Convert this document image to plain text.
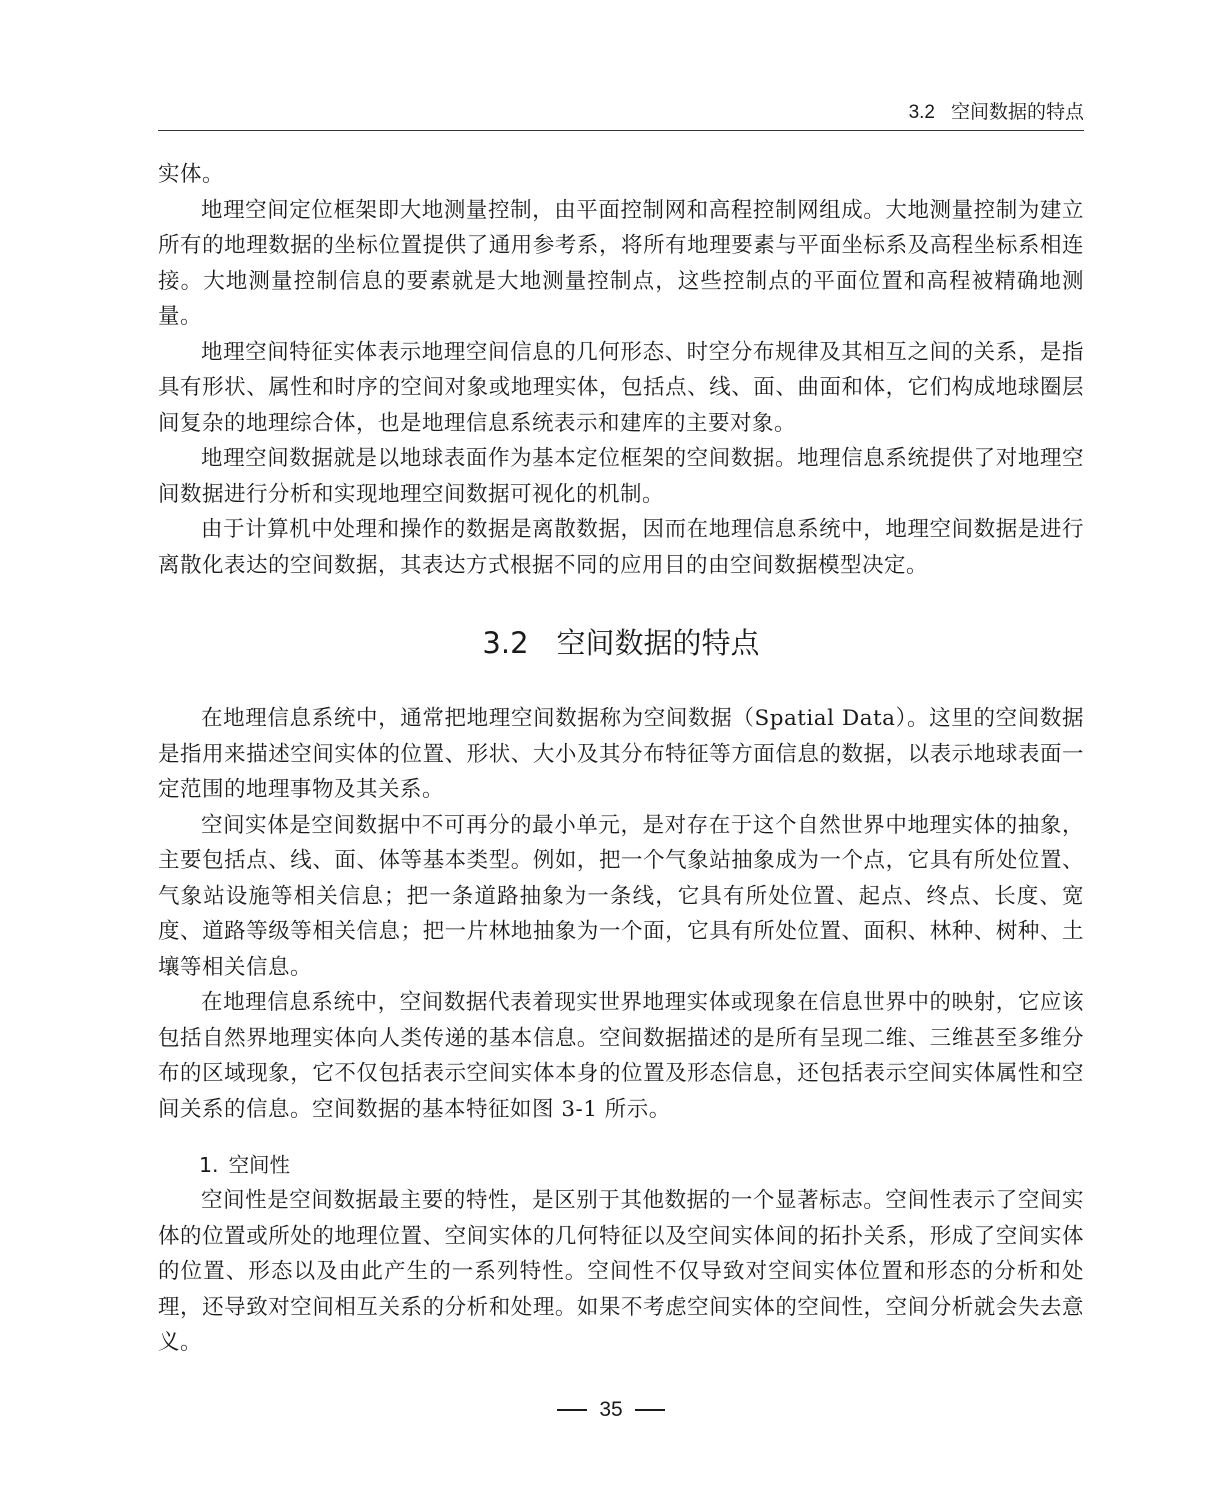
3.2 空间数据的特点

实体。

地理空间定位框架即大地测量控制，由平面控制网和高程控制网组成。大地测量控制为建立所有的地理数据的坐标位置提供了通用参考系，将所有地理要素与平面坐标系及高程坐标系相连接。大地测量控制信息的要素就是大地测量控制点，这些控制点的平面位置和高程被精确地测量。

地理空间特征实体表示地理空间信息的几何形态、时空分布规律及其相互之间的关系，是指具有形状、属性和时序的空间对象或地理实体，包括点、线、面、曲面和体，它们构成地球圈层间复杂的地理综合体，也是地理信息系统表示和建库的主要对象。

地理空间数据就是以地球表面作为基本定位框架的空间数据。地理信息系统提供了对地理空间数据进行分析和实现地理空间数据可视化的机制。

由于计算机中处理和操作的数据是离散数据，因而在地理信息系统中，地理空间数据是进行离散化表达的空间数据，其表达方式根据不同的应用目的由空间数据模型决定。

3.2 空间数据的特点

在地理信息系统中，通常把地理空间数据称为空间数据（Spatial Data）。这里的空间数据是指用来描述空间实体的位置、形状、大小及其分布特征等方面信息的数据，以表示地球表面一定范围的地理事物及其关系。

空间实体是空间数据中不可再分的最小单元，是对存在于这个自然世界中地理实体的抽象，主要包括点、线、面、体等基本类型。例如，把一个气象站抽象成为一个点，它具有所处位置、气象站设施等相关信息；把一条道路抽象为一条线，它具有所处位置、起点、终点、长度、宽度、道路等级等相关信息；把一片林地抽象为一个面，它具有所处位置、面积、林种、树种、土壤等相关信息。

在地理信息系统中，空间数据代表着现实世界地理实体或现象在信息世界中的映射，它应该包括自然界地理实体向人类传递的基本信息。空间数据描述的是所有呈现二维、三维甚至多维分布的区域现象，它不仅包括表示空间实体本身的位置及形态信息，还包括表示空间实体属性和空间关系的信息。空间数据的基本特征如图 3-1 所示。

1. 空间性

空间性是空间数据最主要的特性，是区别于其他数据的一个显著标志。空间性表示了空间实体的位置或所处的地理位置、空间实体的几何特征以及空间实体间的拓扑关系，形成了空间实体的位置、形态以及由此产生的一系列特性。空间性不仅导致对空间实体位置和形态的分析和处理，还导致对空间相互关系的分析和处理。如果不考虑空间实体的空间性，空间分析就会失去意义。

35
